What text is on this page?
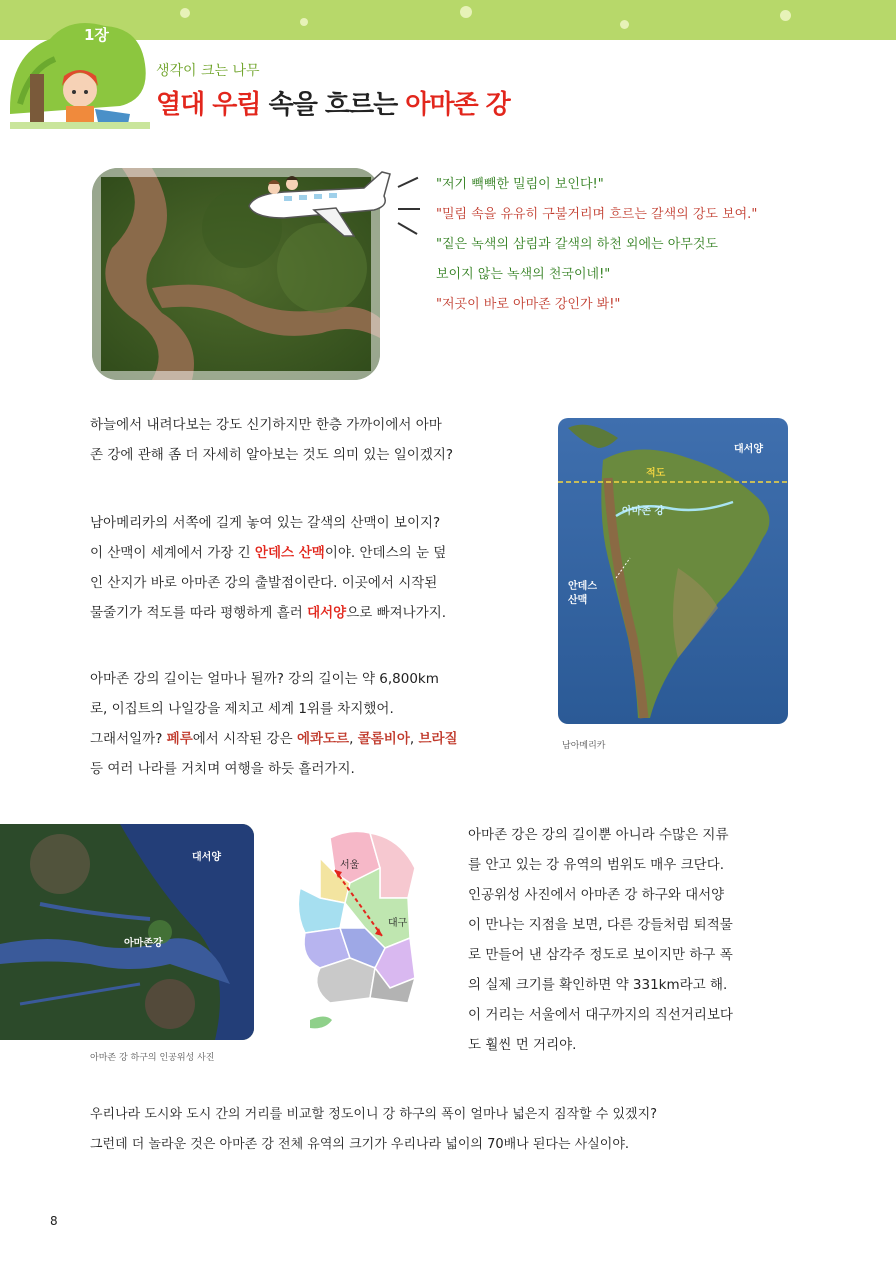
1장
생각이 크는 나무
열대 우림 속을 흐르는 아마존 강

"저기 빽빽한 밀림이 보인다!"

"밀림 속을 유유히 구불거리며 흐르는 갈색의 강도 보여."

"짙은 녹색의 삼림과 갈색의 하천 외에는 아무것도

보이지 않는 녹색의 천국이네!"

"저곳이 바로 아마존 강인가 봐!"

하늘에서 내려다보는 강도 신기하지만 한층 가까이에서 아마

존 강에 관해 좀 더 자세히 알아보는 것도 의미 있는 일이겠지?

남아메리카의 서쪽에 길게 놓여 있는 갈색의 산맥이 보이지?

이 산맥이 세계에서 가장 긴 안데스 산맥이야. 안데스의 눈 덮

인 산지가 바로 아마존 강의 출발점이란다. 이곳에서 시작된

물줄기가 적도를 따라 평행하게 흘러 대서양으로 빠져나가지.

아마존 강의 길이는 얼마나 될까? 강의 길이는 약 6,800km

로, 이집트의 나일강을 제치고 세계 1위를 차지했어.

그래서일까? 페루에서 시작된 강은 에콰도르, 콜롬비아, 브라질

등 여러 나라를 거치며 여행을 하듯 흘러가지.

대서양
적도
아마존 강
안데스
산맥
남아메리카
대서양
아마존강
아마존 강 하구의 인공위성 사진
서울
대구

아마존 강은 강의 길이뿐 아니라 수많은 지류

를 안고 있는 강 유역의 범위도 매우 크단다.

인공위성 사진에서 아마존 강 하구와 대서양

이 만나는 지점을 보면, 다른 강들처럼 퇴적물

로 만들어 낸 삼각주 정도로 보이지만 하구 폭

의 실제 크기를 확인하면 약 331km라고 해.

이 거리는 서울에서 대구까지의 직선거리보다

도 훨씬 먼 거리야.

우리나라 도시와 도시 간의 거리를 비교할 정도이니 강 하구의 폭이 얼마나 넓은지 짐작할 수 있겠지?

그런데 더 놀라운 것은 아마존 강 전체 유역의 크기가 우리나라 넓이의 70배나 된다는 사실이야.

8
